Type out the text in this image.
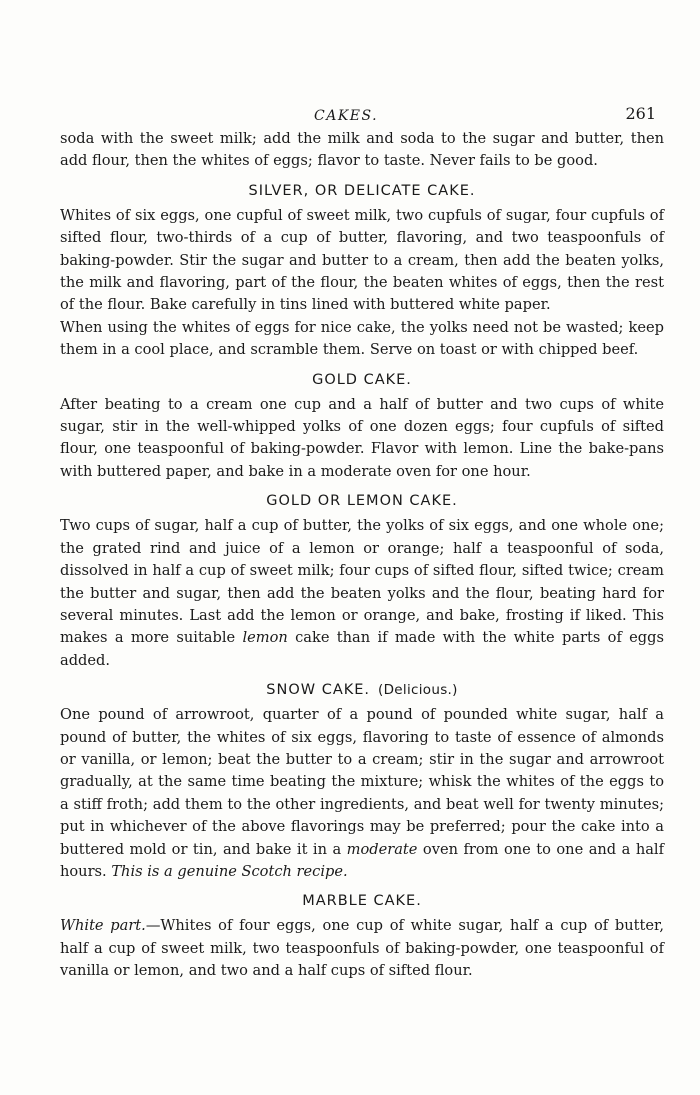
CAKES.	261

soda with the sweet milk; add the milk and soda to the sugar and butter, then add flour, then the whites of eggs; flavor to taste. Never fails to be good.

SILVER, OR DELICATE CAKE.

Whites of six eggs, one cupful of sweet milk, two cupfuls of sugar, four cupfuls of sifted flour, two-thirds of a cup of butter, flavoring, and two teaspoonfuls of baking-powder. Stir the sugar and butter to a cream, then add the beaten yolks, the milk and flavoring, part of the flour, the beaten whites of eggs, then the rest of the flour. Bake carefully in tins lined with buttered white paper.

When using the whites of eggs for nice cake, the yolks need not be wasted; keep them in a cool place, and scramble them. Serve on toast or with chipped beef.

GOLD CAKE.

After beating to a cream one cup and a half of butter and two cups of white sugar, stir in the well-whipped yolks of one dozen eggs; four cupfuls of sifted flour, one teaspoonful of baking-powder. Flavor with lemon. Line the bake-pans with buttered paper, and bake in a moderate oven for one hour.

GOLD OR LEMON CAKE.

Two cups of sugar, half a cup of butter, the yolks of six eggs, and one whole one; the grated rind and juice of a lemon or orange; half a teaspoonful of soda, dissolved in half a cup of sweet milk; four cups of sifted flour, sifted twice; cream the butter and sugar, then add the beaten yolks and the flour, beating hard for several minutes. Last add the lemon or orange, and bake, frosting if liked. This makes a more suitable lemon cake than if made with the white parts of eggs added.

SNOW CAKE. (Delicious.)

One pound of arrowroot, quarter of a pound of pounded white sugar, half a pound of butter, the whites of six eggs, flavoring to taste of essence of almonds or vanilla, or lemon; beat the butter to a cream; stir in the sugar and arrowroot gradually, at the same time beating the mixture; whisk the whites of the eggs to a stiff froth; add them to the other ingredients, and beat well for twenty minutes; put in whichever of the above flavorings may be preferred; pour the cake into a buttered mold or tin, and bake it in a moderate oven from one to one and a half hours. This is a genuine Scotch recipe.

MARBLE CAKE.

White part.—Whites of four eggs, one cup of white sugar, half a cup of butter, half a cup of sweet milk, two teaspoonfuls of baking-powder, one teaspoonful of vanilla or lemon, and two and a half cups of sifted flour.
